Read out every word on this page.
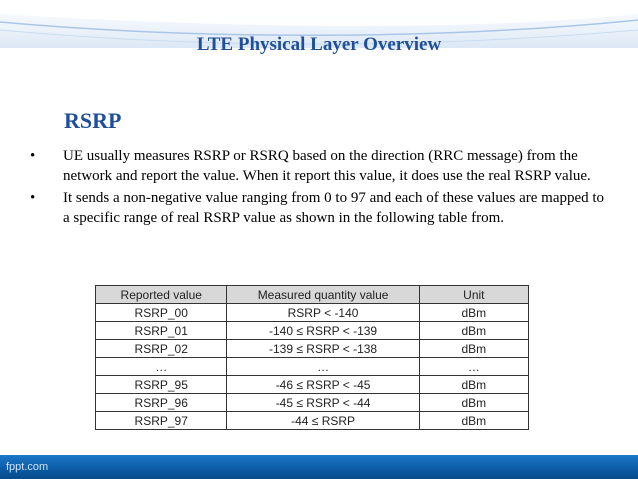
LTE Physical Layer Overview
RSRP
•	UE usually measures RSRP or RSRQ based on the direction (RRC message) from the network and report the value. When it report this value, it does use the real RSRP value.
•	It sends a non-negative value ranging from 0 to 97 and each of these values are mapped to a specific range of real RSRP value as shown in the following table from.
Reported value	Measured quantity value	Unit
RSRP_00	RSRP < -140	dBm
RSRP_01	-140 ≤ RSRP < -139	dBm
RSRP_02	-139 ≤ RSRP < -138	dBm
…	…	…
RSRP_95	-46 ≤ RSRP < -45	dBm
RSRP_96	-45 ≤ RSRP < -44	dBm
RSRP_97	-44 ≤ RSRP	dBm
fppt.com
